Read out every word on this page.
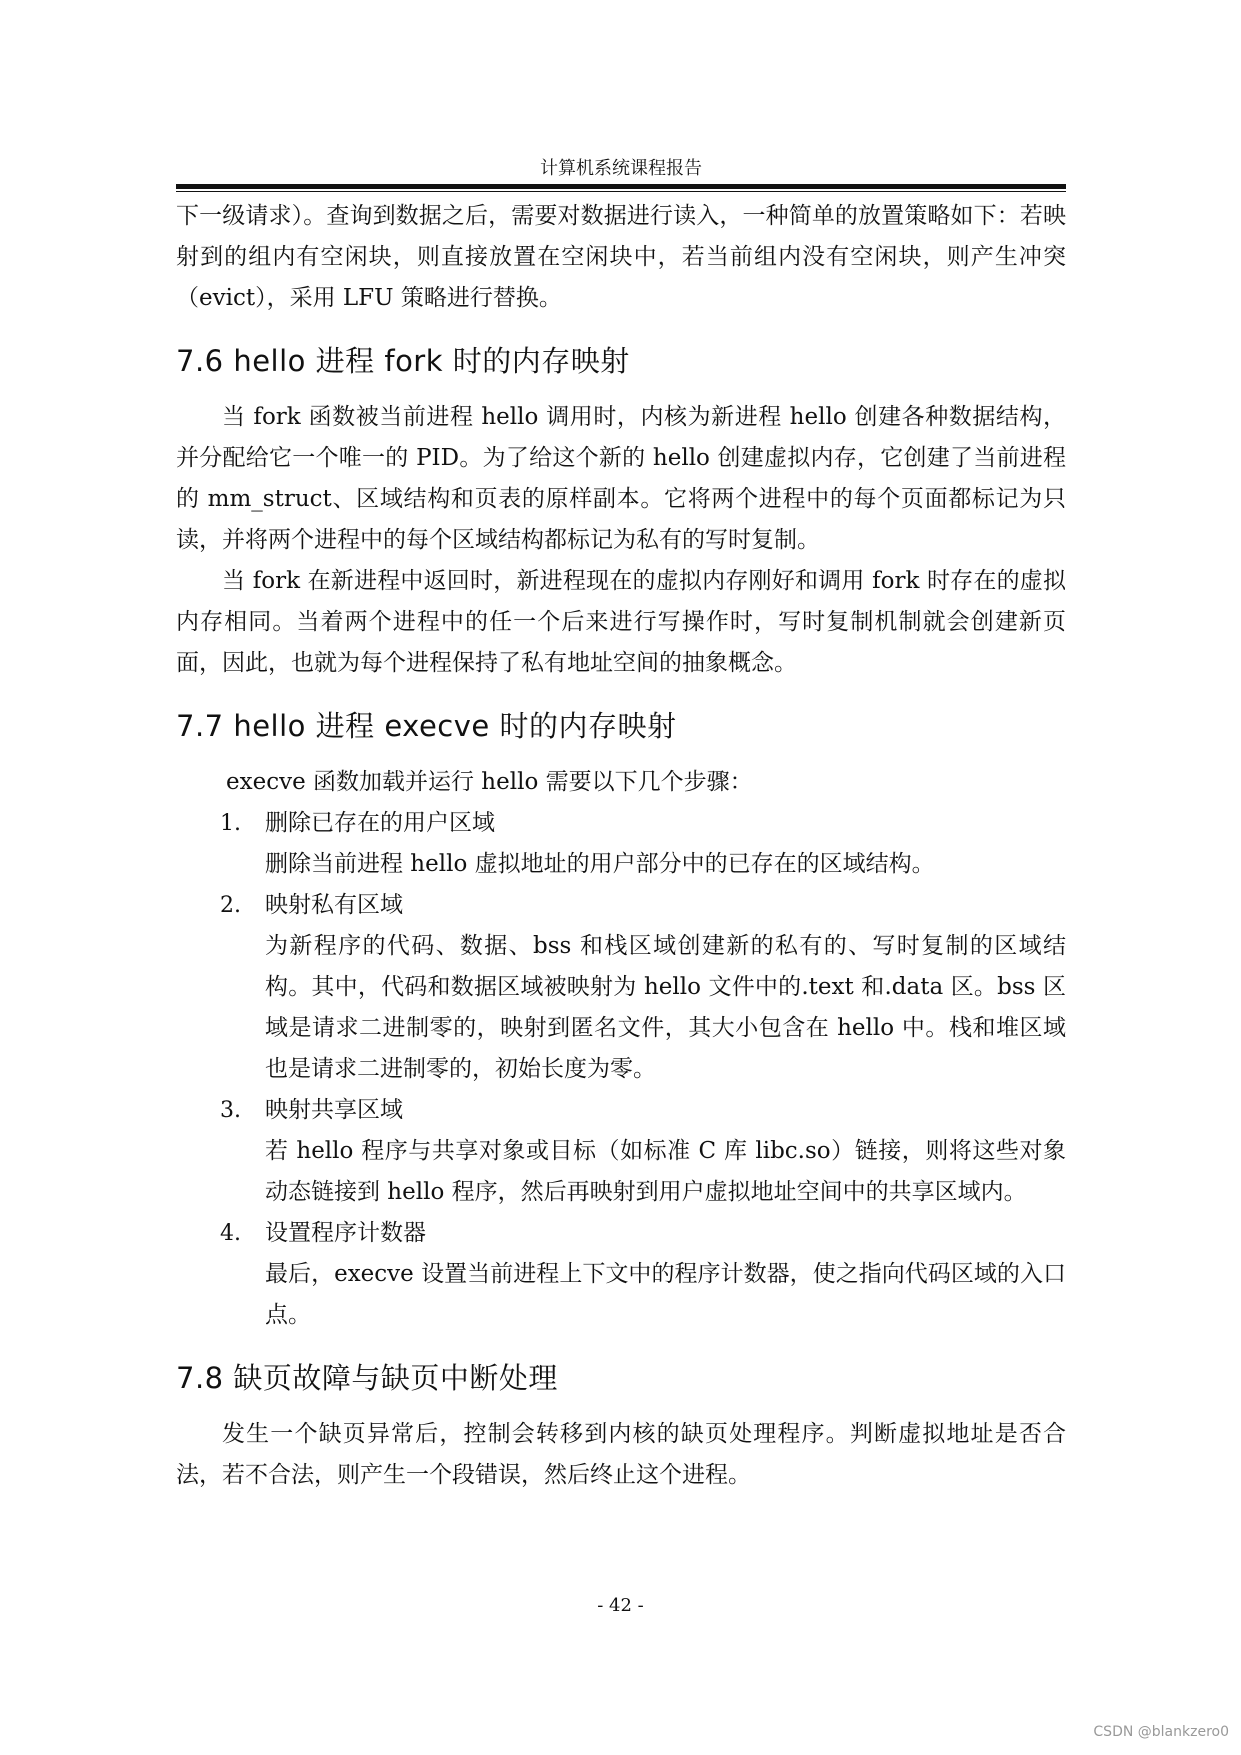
计算机系统课程报告

下一级请求）。查询到数据之后，需要对数据进行读入，一种简单的放置策略如下：若映射到的组内有空闲块，则直接放置在空闲块中，若当前组内没有空闲块，则产生冲突（evict），采用 LFU 策略进行替换。

7.6 hello 进程 fork 时的内存映射

当 fork 函数被当前进程 hello 调用时，内核为新进程 hello 创建各种数据结构，并分配给它一个唯一的 PID。为了给这个新的 hello 创建虚拟内存，它创建了当前进程的 mm_struct、区域结构和页表的原样副本。它将两个进程中的每个页面都标记为只读，并将两个进程中的每个区域结构都标记为私有的写时复制。

当 fork 在新进程中返回时，新进程现在的虚拟内存刚好和调用 fork 时存在的虚拟内存相同。当着两个进程中的任一个后来进行写操作时，写时复制机制就会创建新页面，因此，也就为每个进程保持了私有地址空间的抽象概念。

7.7 hello 进程 execve 时的内存映射

execve 函数加载并运行 hello 需要以下几个步骤：

1. 删除已存在的用户区域

删除当前进程 hello 虚拟地址的用户部分中的已存在的区域结构。

2. 映射私有区域

为新程序的代码、数据、bss 和栈区域创建新的私有的、写时复制的区域结构。其中，代码和数据区域被映射为 hello 文件中的.text 和.data 区。bss 区域是请求二进制零的，映射到匿名文件，其大小包含在 hello 中。栈和堆区域也是请求二进制零的，初始长度为零。

3. 映射共享区域

若 hello 程序与共享对象或目标（如标准 C 库 libc.so）链接，则将这些对象动态链接到 hello 程序，然后再映射到用户虚拟地址空间中的共享区域内。

4. 设置程序计数器

最后，execve 设置当前进程上下文中的程序计数器，使之指向代码区域的入口点。

7.8 缺页故障与缺页中断处理

发生一个缺页异常后，控制会转移到内核的缺页处理程序。判断虚拟地址是否合法，若不合法，则产生一个段错误，然后终止这个进程。

- 42 -
CSDN @blankzero0
